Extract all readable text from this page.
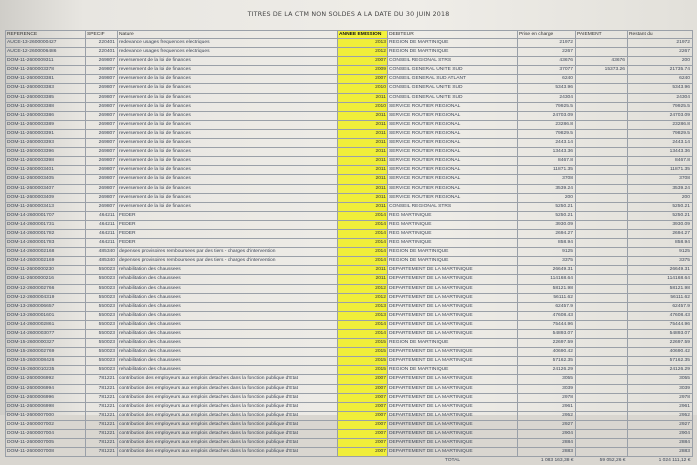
TITRES DE LA CTM NON SOLDES A LA DATE DU 30 JUIN 2018
REFERENCE	SPECIF	Nature	ANNEE EMISSION	DEBITEUR	Prise en charge	PAIEMENT	Restant du
AUCE-13-2600000427	220401	redevance usages frequences electriques	2013	REGION DE MARTINIQUE	21972		21972
AUCE-12-2600006486	220401	redevance usages frequences electriques	2012	REGION DE MARTINIQUE	2267		2267
DOM-11-2600009311	269807	reversement de la loi de finances	2007	CONSEIL REGIONAL STRS	43676	43676	200
DOM-11-2600003378	269807	reversement de la loi de finances	2009	CONSEIL GENERAL UNITE SUD	37077	15373.26	21735.74
DOM-11-2600003381	269807	reversement de la loi de finances	2007	CONSEIL GENERAL SUD ATLANT	6240		6240
DOM-11-2600003383	269807	reversement de la loi de finances	2010	CONSEIL GENERAL UNITE SUD	5343.96		5343.96
DOM-11-2600003385	269807	reversement de la loi de finances	2011	CONSEIL GENERAL UNITE SUD	24304		24304
DOM-11-2600003388	269807	reversement de la loi de finances	2010	SERVICE ROUTIER REGIONAL	79925.5		79925.5
DOM-11-2600003386	269807	reversement de la loi de finances	2011	SERVICE ROUTIER REGIONAL	24703.09		24703.09
DOM-11-2600003389	269807	reversement de la loi de finances	2011	SERVICE ROUTIER REGIONAL	23286.8		23286.8
DOM-11-2600003391	269807	reversement de la loi de finances	2011	SERVICE ROUTIER REGIONAL	79829.5		79829.5
DOM-11-2600003393	269807	reversement de la loi de finances	2011	SERVICE ROUTIER REGIONAL	2443.14		2443.14
DOM-11-2600003396	269807	reversement de la loi de finances	2011	SERVICE ROUTIER REGIONAL	13443.36		13443.36
DOM-11-2600003398	269807	reversement de la loi de finances	2011	SERVICE ROUTIER REGIONAL	8467.8		8467.8
DOM-11-2600003401	269807	reversement de la loi de finances	2011	SERVICE ROUTIER REGIONAL	11871.35		11871.35
DOM-11-2600003405	269807	reversement de la loi de finances	2011	SERVICE ROUTIER REGIONAL	3708		3708
DOM-11-2600003407	269807	reversement de la loi de finances	2011	SERVICE ROUTIER REGIONAL	3539.24		3539.24
DOM-11-2600003409	269807	reversement de la loi de finances	2011	SERVICE ROUTIER REGIONAL	200		200
DOM-11-2600003413	269807	reversement de la loi de finances	2011	CONSEIL REGIONAL STRS	5250.21		5250.21
DOM-14-2600001707	464211	FEDER	2014	REG MARTINIQUE	5250.21		5250.21
DOM-14-2600001731	464211	FEDER	2014	REG MARTINIQUE	3930.09		3930.09
DOM-14-2600001782	464211	FEDER	2014	REG MARTINIQUE	2694.27		2694.27
DOM-14-2600001783	464211	FEDER	2014	REG MARTINIQUE	858.94		858.94
DOM-14-2600002168	485340	depenses provisoires remboursees par des tiers - charges d'intervention	2014	REGION DE MARTINIQUE	9125		9125
DOM-14-2600002169	485340	depenses provisoires remboursees par des tiers - charges d'intervention	2014	REGION DE MARTINIQUE	3375		3375
DOM-11-2600000230	550023	rehabilitation des chaussees	2011	DEPARTEMENT DE LA MARTINIQUE	26649.31		26649.31
DOM-11-2600000216	550023	rehabilitation des chaussees	2011	DEPARTEMENT DE LA MARTINIQUE	114168.64		114168.64
DOM-12-2600002766	550023	rehabilitation des chaussees	2012	DEPARTEMENT DE LA MARTINIQUE	58121.98		58121.98
DOM-12-2600004319	550023	rehabilitation des chaussees	2012	DEPARTEMENT DE LA MARTINIQUE	56111.62		56111.62
DOM-13-2600006657	550023	rehabilitation des chaussees	2013	DEPARTEMENT DE LA MARTINIQUE	62457.9		62457.9
DOM-13-2600001601	550023	rehabilitation des chaussees	2013	DEPARTEMENT DE LA MARTINIQUE	47608.43		47608.43
DOM-14-2600002861	550023	rehabilitation des chaussees	2014	DEPARTEMENT DE LA MARTINIQUE	75444.96		75444.96
DOM-14-2600003077	550023	rehabilitation des chaussees	2014	DEPARTEMENT DE LA MARTINIQUE	54893.07		54893.07
DOM-15-2600000327	550023	rehabilitation des chaussees	2015	REGION DE MARTINIQUE	22697.59		22697.59
DOM-15-2600002769	550023	rehabilitation des chaussees	2015	DEPARTEMENT DE LA MARTINIQUE	40690.42		40690.42
DOM-15-2600008426	550023	rehabilitation des chaussees	2015	DEPARTEMENT DE LA MARTINIQUE	57162.35		57162.35
DOM-15-2600010235	550023	rehabilitation des chaussees	2015	REGION DE MARTINIQUE	24126.29		24126.29
DOM-11-2600006992	781221	contribution des employeurs aux emplois detaches dans la fonction publique d'Etat	2007	DEPARTEMENT DE LA MARTINIQUE	3055		3055
DOM-11-2600006994	781221	contribution des employeurs aux emplois detaches dans la fonction publique d'Etat	2007	DEPARTEMENT DE LA MARTINIQUE	3039		3039
DOM-11-2600006996	781221	contribution des employeurs aux emplois detaches dans la fonction publique d'Etat	2007	DEPARTEMENT DE LA MARTINIQUE	2978		2978
DOM-11-2600006998	781221	contribution des employeurs aux emplois detaches dans la fonction publique d'Etat	2007	DEPARTEMENT DE LA MARTINIQUE	2961		2961
DOM-11-2600007000	781221	contribution des employeurs aux emplois detaches dans la fonction publique d'Etat	2007	DEPARTEMENT DE LA MARTINIQUE	2952		2952
DOM-11-2600007002	781221	contribution des employeurs aux emplois detaches dans la fonction publique d'Etat	2007	DEPARTEMENT DE LA MARTINIQUE	2927		2927
DOM-11-2600007004	781221	contribution des employeurs aux emplois detaches dans la fonction publique d'Etat	2007	DEPARTEMENT DE LA MARTINIQUE	2904		2904
DOM-11-2600007005	781221	contribution des employeurs aux emplois detaches dans la fonction publique d'Etat	2007	DEPARTEMENT DE LA MARTINIQUE	2884		2884
DOM-11-2600007008	781221	contribution des employeurs aux emplois detaches dans la fonction publique d'Etat	2007	DEPARTEMENT DE LA MARTINIQUE	2883		2883
				TOTAL	1 083 163,38 €	59 052,26 €	1 024 111,12 €
